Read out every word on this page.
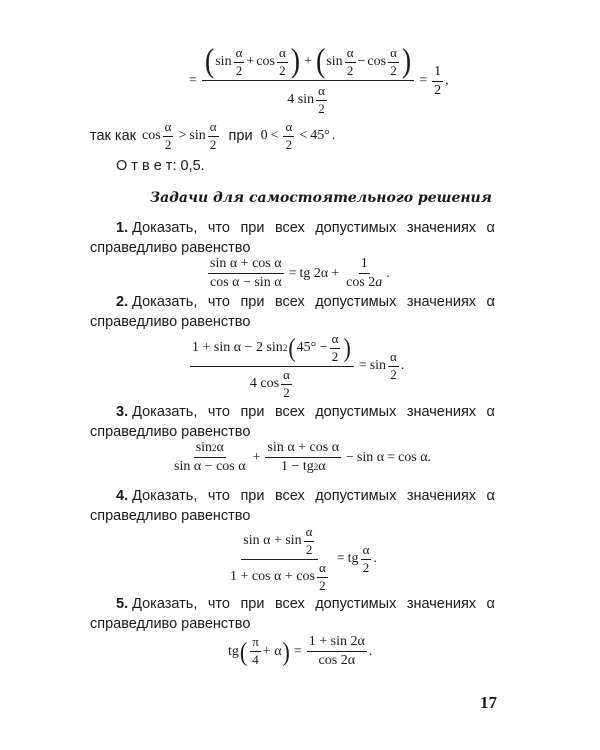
= $\frac{( \sin \frac{\alpha}{2} + \cos \frac{\alpha}{2} ) + ( \sin \frac{\alpha}{2} - \cos \frac{\alpha}{2} )}{4 \sin \frac{\alpha}{2}} = \frac{1}{2}$ ,
так как $\cos \frac{\alpha}{2} > \sin \frac{\alpha}{2}$ при $0 < \frac{\alpha}{2} < 45^\circ$ .
О т в е т: 0,5.
Задачи для самостоятельного решения
1. Доказать, что при всех допустимых значениях α
справедливо равенство
$\frac{\text{sin α + cos α}}{\text{cos α − sin α}}$ = tg $2\alpha + \frac{1}{\cos 2 a}$ .
2. Доказать, что при всех допустимых значениях α
справедливо равенство
$\frac{1 + \sin \alpha - 2 \sin 2 ( 45^\circ - \frac{\alpha}{2} )}{4 \cos \frac{\alpha}{2}} = \sin \frac{\alpha}{2}$ .
3. Доказать, что при всех допустимых значениях α
справедливо равенство
$\frac{\sin 2 \alpha}{\text{sin α − cos α}} + \frac{\text{sin α + cos α}}{1 - tg 2 \alpha} - \sin \alpha = \cos \alpha$.
4. Доказать, что при всех допустимых значениях α
справедливо равенство
$\frac{\sin \alpha + \sin \frac{\alpha}{2}}{1 + \cos \alpha + \cos \frac{\alpha}{2}}$ = tg $\frac{\alpha}{2}$ .
5. Доказать, что при всех допустимых значениях α
справедливо равенство
tg ( $\frac{\pi}{4} + \alpha$ ) = $\frac{1 + \sin 2\alpha}{\cos 2\alpha}$ .
17
